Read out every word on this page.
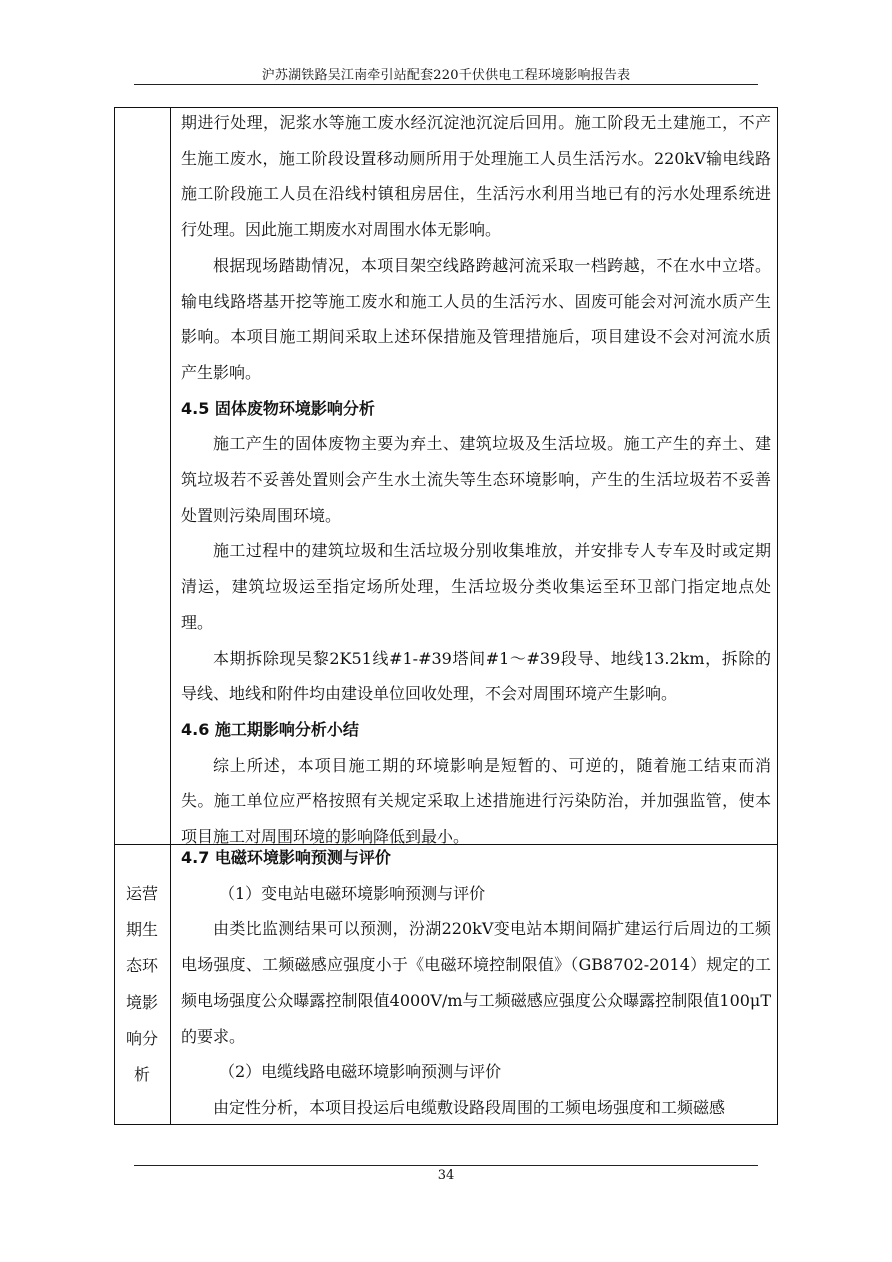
沪苏湖铁路吴江南牵引站配套220千伏供电工程环境影响报告表

期进行处理，泥浆水等施工废水经沉淀池沉淀后回用。施工阶段无土建施工，不产生施工废水，施工阶段设置移动厕所用于处理施工人员生活污水。220kV输电线路施工阶段施工人员在沿线村镇租房居住，生活污水利用当地已有的污水处理系统进行处理。因此施工期废水对周围水体无影响。

根据现场踏勘情况，本项目架空线路跨越河流采取一档跨越，不在水中立塔。输电线路塔基开挖等施工废水和施工人员的生活污水、固废可能会对河流水质产生影响。本项目施工期间采取上述环保措施及管理措施后，项目建设不会对河流水质产生影响。

4.5 固体废物环境影响分析

施工产生的固体废物主要为弃土、建筑垃圾及生活垃圾。施工产生的弃土、建筑垃圾若不妥善处置则会产生水土流失等生态环境影响，产生的生活垃圾若不妥善处置则污染周围环境。

施工过程中的建筑垃圾和生活垃圾分别收集堆放，并安排专人专车及时或定期清运，建筑垃圾运至指定场所处理，生活垃圾分类收集运至环卫部门指定地点处理。

本期拆除现吴黎2K51线#1-#39塔间#1～#39段导、地线13.2km，拆除的导线、地线和附件均由建设单位回收处理，不会对周围环境产生影响。

4.6 施工期影响分析小结

综上所述，本项目施工期的环境影响是短暂的、可逆的，随着施工结束而消失。施工单位应严格按照有关规定采取上述措施进行污染防治，并加强监管，使本项目施工对周围环境的影响降低到最小。

运营
期生
态环
境影
响分
析
4.7 电磁环境影响预测与评价

（1）变电站电磁环境影响预测与评价

由类比监测结果可以预测，汾湖220kV变电站本期间隔扩建运行后周边的工频电场强度、工频磁感应强度小于《电磁环境控制限值》（GB8702-2014）规定的工频电场强度公众曝露控制限值4000V/m与工频磁感应强度公众曝露控制限值100μT的要求。

（2）电缆线路电磁环境影响预测与评价

由定性分析，本项目投运后电缆敷设路段周围的工频电场强度和工频磁感

34
